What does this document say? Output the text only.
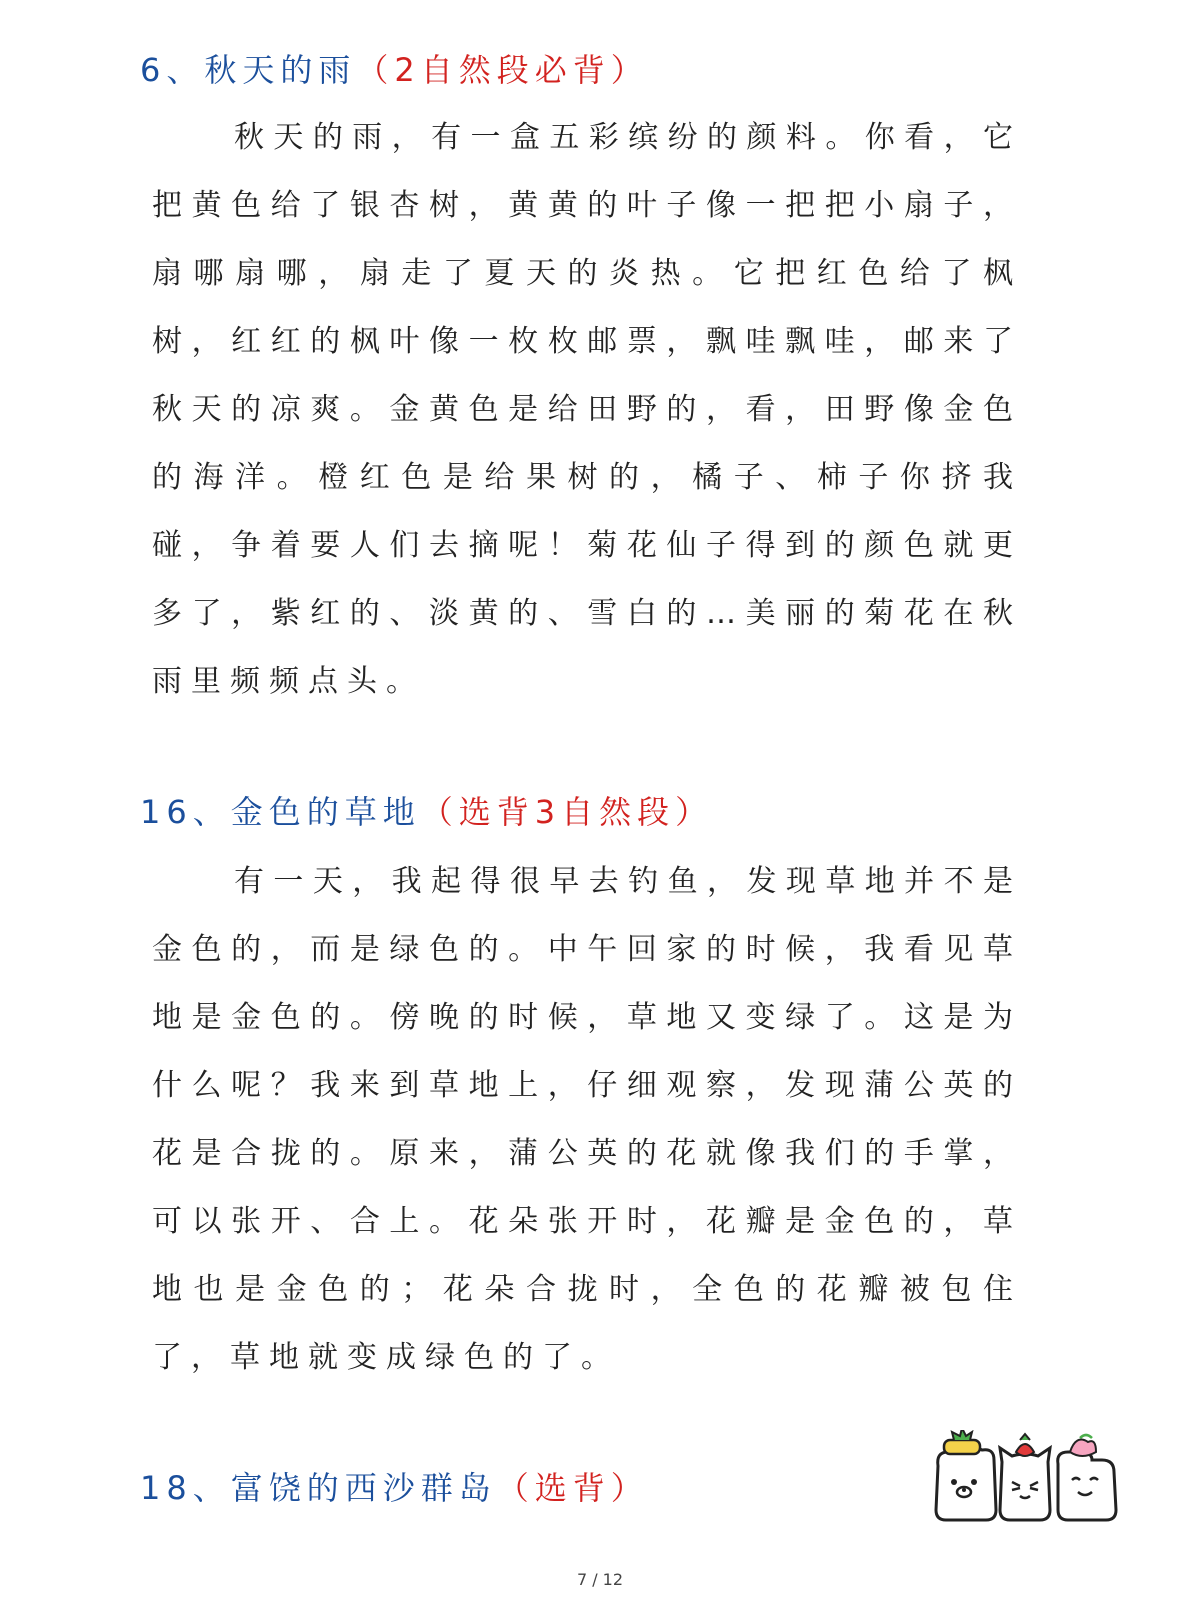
6、秋天的雨（2自然段必背）
秋天的雨，有一盒五彩缤纷的颜料。你看，它把黄色给了银杏树，黄黄的叶子像一把把小扇子，扇哪扇哪，扇走了夏天的炎热。它把红色给了枫树，红红的枫叶像一枚枚邮票，飘哇飘哇，邮来了秋天的凉爽。金黄色是给田野的，看，田野像金色的海洋。橙红色是给果树的，橘子、柿子你挤我碰，争着要人们去摘呢！菊花仙子得到的颜色就更多了，紫红的、淡黄的、雪白的…美丽的菊花在秋雨里频频点头。
16、金色的草地（选背3自然段）
有一天，我起得很早去钓鱼，发现草地并不是金色的，而是绿色的。中午回家的时候，我看见草地是金色的。傍晚的时候，草地又变绿了。这是为什么呢？我来到草地上，仔细观察，发现蒲公英的花是合拢的。原来，蒲公英的花就像我们的手掌，可以张开、合上。花朵张开时，花瓣是金色的，草地也是金色的；花朵合拢时，全色的花瓣被包住了，草地就变成绿色的了。
18、富饶的西沙群岛（选背）
7 / 12
